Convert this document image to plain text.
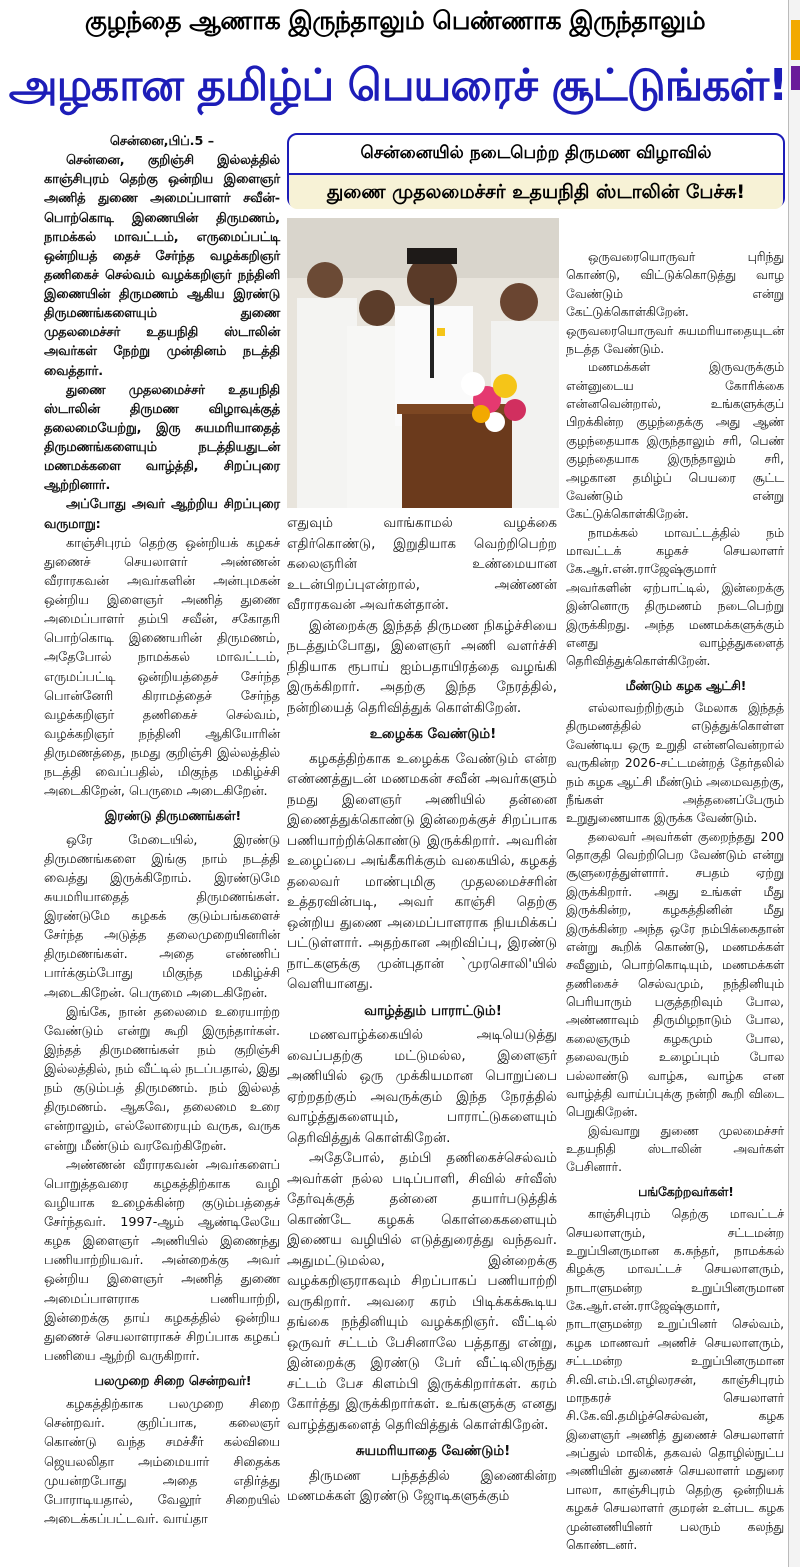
குழந்தை ஆணாக இருந்தாலும் பெண்ணாக இருந்தாலும்
அழகான தமிழ்ப் பெயரைச் சூட்டுங்கள்!
சென்னையில் நடைபெற்ற திருமண விழாவில்
துணை முதலமைச்சர் உதயநிதி ஸ்டாலின் பேச்சு!

சென்னை,பிப்.5 –

சென்னை, குறிஞ்சி இல்லத்தில் காஞ்சிபுரம் தெற்கு ஒன்றிய இளைஞர் அணித் துணை அமைப்பாளர் சவீன்- பொற்கொடி இணையின் திருமணம், நாமக்கல் மாவட்டம், எருமைப்பட்டி ஒன்றியத் தைச் சேர்ந்த வழக்கறிஞர் தணிகைச் செல்வம் வழக்கறிஞர் நந்தினி இணையின் திருமணம் ஆகிய இரண்டு திருமணங்களையும் துணை முதலமைச்சர் உதயநிதி ஸ்டாலின் அவர்கள் நேற்று முன்தினம் நடத்தி வைத்தார்.

துணை முதலமைச்சர் உதயநிதி ஸ்டாலின் திருமண விழாவுக்குத் தலைமையேற்று, இரு சுயமரியாதைத் திருமணங்களையும் நடத்தியதுடன் மணமக்களை வாழ்த்தி, சிறப்புரை ஆற்றினார்.

அப்போது அவர் ஆற்றிய சிறப்புரை வருமாறு:

காஞ்சிபுரம் தெற்கு ஒன்றியக் கழகச் துணைச் செயலாளர் அண்ணன் வீராரகவன் அவர்களின் அன்புமகன் ஒன்றிய இளைஞர் அணித் துணை அமைப்பாளர் தம்பி சவீன், சகோதரி பொற்கொடி இணையரின் திருமணம், அதேபோல் நாமக்கல் மாவட்டம், எருமப்பட்டி ஒன்றியத்தைச் சேர்ந்த பொன்னேரி கிராமத்தைச் சேர்ந்த வழக்கறிஞர் தணிகைச் செல்வம், வழக்கறிஞர் நந்தினி ஆகியோரின் திருமணத்தை, நமது குறிஞ்சி இல்லத்தில் நடத்தி வைப்பதில், மிகுந்த மகிழ்ச்சி அடைகிறேன், பெருமை அடைகிறேன்.

இரண்டு திருமணங்கள்!

ஒரே மேடையில், இரண்டு திருமணங்களை இங்கு நாம் நடத்தி வைத்து இருக்கிறோம். இரண்டுமே சுயமரியாதைத் திருமணங்கள். இரண்டுமே கழகக் குடும்பங்களைச் சேர்ந்த அடுத்த தலைமுறையினரின் திருமணங்கள். அதை எண்ணிப் பார்க்கும்போது மிகுந்த மகிழ்ச்சி அடைகிறேன். பெருமை அடைகிறேன்.

இங்கே, நான் தலைமை உரையாற்ற வேண்டும் என்று கூறி இருந்தார்கள். இந்தத் திருமணங்கள் நம் குறிஞ்சி இல்லத்தில், நம் வீட்டில் நடப்பதால், இது நம் குடும்பத் திருமணம். நம் இல்லத் திருமணம். ஆகவே, தலைமை உரை என்றாலும், எல்லோரையும் வருக, வருக என்று மீண்டும் வரவேற்கிறேன்.

அண்ணன் வீராரகவன் அவர்களைப் பொறுத்தவரை கழகத்திற்காக வழி வழியாக உழைக்கின்ற குடும்பத்தைச் சேர்ந்தவர். 1997-ஆம் ஆண்டிலேயே கழக இளைஞர் அணியில் இணைந்து பணியாற்றியவர். அன்றைக்கு அவர் ஒன்றிய இளைஞர் அணித் துணை அமைப்பாளராக பணியாற்றி, இன்றைக்கு தாய் கழகத்தில் ஒன்றிய துணைச் செயலாளராகச் சிறப்பாக கழகப் பணியை ஆற்றி வருகிறார்.

பலமுறை சிறை சென்றவர்!

கழகத்திற்காக பலமுறை சிறை சென்றவர். குறிப்பாக, கலைஞர் கொண்டு வந்த சமச்சீர் கல்வியை ஜெயலலிதா அம்மையார் சிதைக்க முயன்றபோது அதை எதிர்த்து போராடியதால், வேலூர் சிறையில் அடைக்கப்பட்டவர். வாய்தா

எதுவும் வாங்காமல் வழக்கை எதிர்கொண்டு, இறுதியாக வெற்றிபெற்ற கலைஞரின் உண்மையான உடன்பிறப்புஎன்றால், அண்ணன் வீராரகவன் அவர்கள்தான்.

இன்றைக்கு இந்தத் திருமண நிகழ்ச்சியை நடத்தும்போது, இளைஞர் அணி வளர்ச்சி நிதியாக ரூபாய் ஐம்பதாயிரத்தை வழங்கி இருக்கிறார். அதற்கு இந்த நேரத்தில், நன்றியைத் தெரிவித்துக் கொள்கிறேன்.

உழைக்க வேண்டும்!

கழகத்திற்காக உழைக்க வேண்டும் என்ற எண்ணத்துடன் மணமகன் சவீன் அவர்களும் நமது இளைஞர் அணியில் தன்னை இணைத்துக்கொண்டு இன்றைக்குச் சிறப்பாக பணியாற்றிக்கொண்டு இருக்கிறார். அவரின் உழைப்பை அங்கீகரிக்கும் வகையில், கழகத் தலைவர் மாண்புமிகு முதலமைச்சரின் உத்தரவின்படி, அவர் காஞ்சி தெற்கு ஒன்றிய துணை அமைப்பாளராக நியமிக்கப் பட்டுள்ளார். அதற்கான அறிவிப்பு, இரண்டு நாட்களுக்கு முன்புதான் `முரசொலி'யில் வெளியானது.

வாழ்த்தும் பாராட்டும்!

மணவாழ்க்கையில் அடியெடுத்து வைப்பதற்கு மட்டுமல்ல, இளைஞர் அணியில் ஒரு முக்கியமான பொறுப்பை ஏற்றதற்கும் அவருக்கும் இந்த நேரத்தில் வாழ்த்துகளையும், பாராட்டுகளையும் தெரிவித்துக் கொள்கிறேன்.

அதேபோல், தம்பி தணிகைச்செல்வம் அவர்கள் நல்ல படிப்பாளி, சிவில் சர்வீஸ் தேர்வுக்குத் தன்னை தயார்படுத்திக் கொண்டே கழகக் கொள்கைகளையும் இணைய வழியில் எடுத்துரைத்து வந்தவர். அதுமட்டுமல்ல, இன்றைக்கு வழக்கறிஞராகவும் சிறப்பாகப் பணியாற்றி வருகிறார். அவரை கரம் பிடிக்கக்கூடிய தங்கை நந்தினியும் வழக்கறிஞர். வீட்டில் ஒருவர் சட்டம் பேசினாலே பத்தாது என்று, இன்றைக்கு இரண்டு பேர் வீட்டிலிருந்து சட்டம் பேச கிளம்பி இருக்கிறார்கள். கரம் கோர்த்து இருக்கிறார்கள். உங்களுக்கு எனது வாழ்த்துகளைத் தெரிவித்துக் கொள்கிறேன்.

சுயமரியாதை வேண்டும்!

திருமண பந்தத்தில் இணைகின்ற மணமக்கள் இரண்டு ஜோடிகளுக்கும்

ஒருவரையொருவர் புரிந்து கொண்டு, விட்டுக்கொடுத்து வாழ வேண்டும் என்று கேட்டுக்கொள்கிறேன். ஒருவரையொருவர் சுயமரியாதையுடன் நடத்த வேண்டும்.

மணமக்கள் இருவருக்கும் என்னுடைய கோரிக்கை என்னவென்றால், உங்களுக்குப் பிறக்கின்ற குழந்தைக்கு அது ஆண் குழந்தையாக இருந்தாலும் சரி, பெண் குழந்தையாக இருந்தாலும் சரி, அழகான தமிழ்ப் பெயரை சூட்ட வேண்டும் என்று கேட்டுக்கொள்கிறேன்.

நாமக்கல் மாவட்டத்தில் நம் மாவட்டக் கழகச் செயலாளர் கே.ஆர்.என்.ராஜேஷ்குமார் அவர்களின் ஏற்பாட்டில், இன்றைக்கு இன்னொரு திருமணம் நடைபெற்று இருக்கிறது. அந்த மணமக்களுக்கும் எனது வாழ்த்துகளைத் தெரிவித்துக்கொள்கிறேன்.

மீண்டும் கழக ஆட்சி!

எல்லாவற்றிற்கும் மேலாக இந்தத் திருமணத்தில் எடுத்துக்கொள்ள வேண்டிய ஒரு உறுதி என்னவென்றால் வருகின்ற 2026-சட்டமன்றத் தேர்தலில் நம் கழக ஆட்சி மீண்டும் அமைவதற்கு, நீங்கள் அத்தனைப்பேரும் உறுதுணையாக இருக்க வேண்டும்.

தலைவர் அவர்கள் குறைந்தது 200 தொகுதி வெற்றிபெற வேண்டும் என்று சூளுரைத்துள்ளார். சபதம் ஏற்று இருக்கிறார். அது உங்கள் மீது இருக்கின்ற, கழகத்தினின் மீது இருக்கின்ற அந்த ஒரே நம்பிக்கைதான் என்று கூறிக் கொண்டு, மணமக்கள் சவீனும், பொற்கொடியும், மணமக்கள் தணிகைச் செல்வமும், நந்தினியும் பெரியாரும் பகுத்தறிவும் போல, அண்ணாவும் திருமிழநாடும் போல, கலைஞரும் கழகமும் போல, தலைவரும் உழைப்பும் போல பல்லாண்டு வாழ்க, வாழ்க என வாழ்த்தி வாய்ப்புக்கு நன்றி கூறி விடை பெறுகிறேன்.

இவ்வாறு துணை முலமைச்சர் உதயநிதி ஸ்டாலின் அவர்கள் பேசினார்.

பங்கேற்றவர்கள்!

காஞ்சிபுரம் தெற்கு மாவட்டச் செயலாளரும், சட்டமன்ற உறுப்பினருமான க.சுந்தர், நாமக்கல் கிழக்கு மாவட்டச் செயலாளரும், நாடாளுமன்ற உறுப்பினருமான கே.ஆர்.என்.ராஜேஷ்குமார், நாடாளுமன்ற உறுப்பினர் செல்வம், கழக மாணவர் அணிச் செயலாளரும், சட்டமன்ற உறுப்பினருமான சி.வி.எம்.பி.எழிலரசன், காஞ்சிபுரம் மாநகரச் செயலாளர் சி.கே.வி.தமிழ்ச்செல்வன், கழக இளைஞர் அணித் துணைச் செயலாளர் அப்துல் மாலிக், தகவல் தொழில்நுட்ப அணியின் துணைச் செயலாளர் மதுரை பாலா, காஞ்சிபுரம் தெற்கு ஒன்றியக் கழகச் செயலாளர் குமரன் உள்பட கழக முன்னணியினர் பலரும் கலந்து கொண்டனர்.
